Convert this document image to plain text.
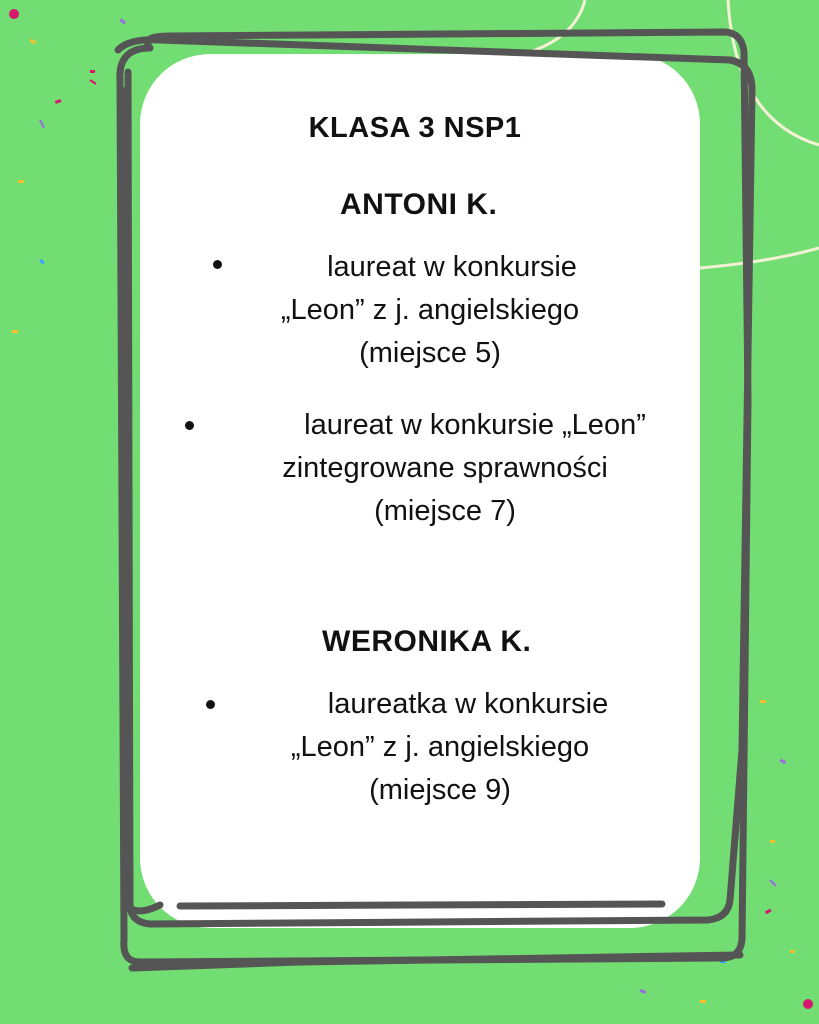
KLASA 3 NSP1
ANTONI K.
laureat w konkursie
„Leon” z j. angielskiego
(miejsce 5)
laureat w konkursie „Leon”
zintegrowane sprawności
(miejsce 7)
WERONIKA K.
laureatka w konkursie
„Leon” z j. angielskiego
(miejsce 9)
